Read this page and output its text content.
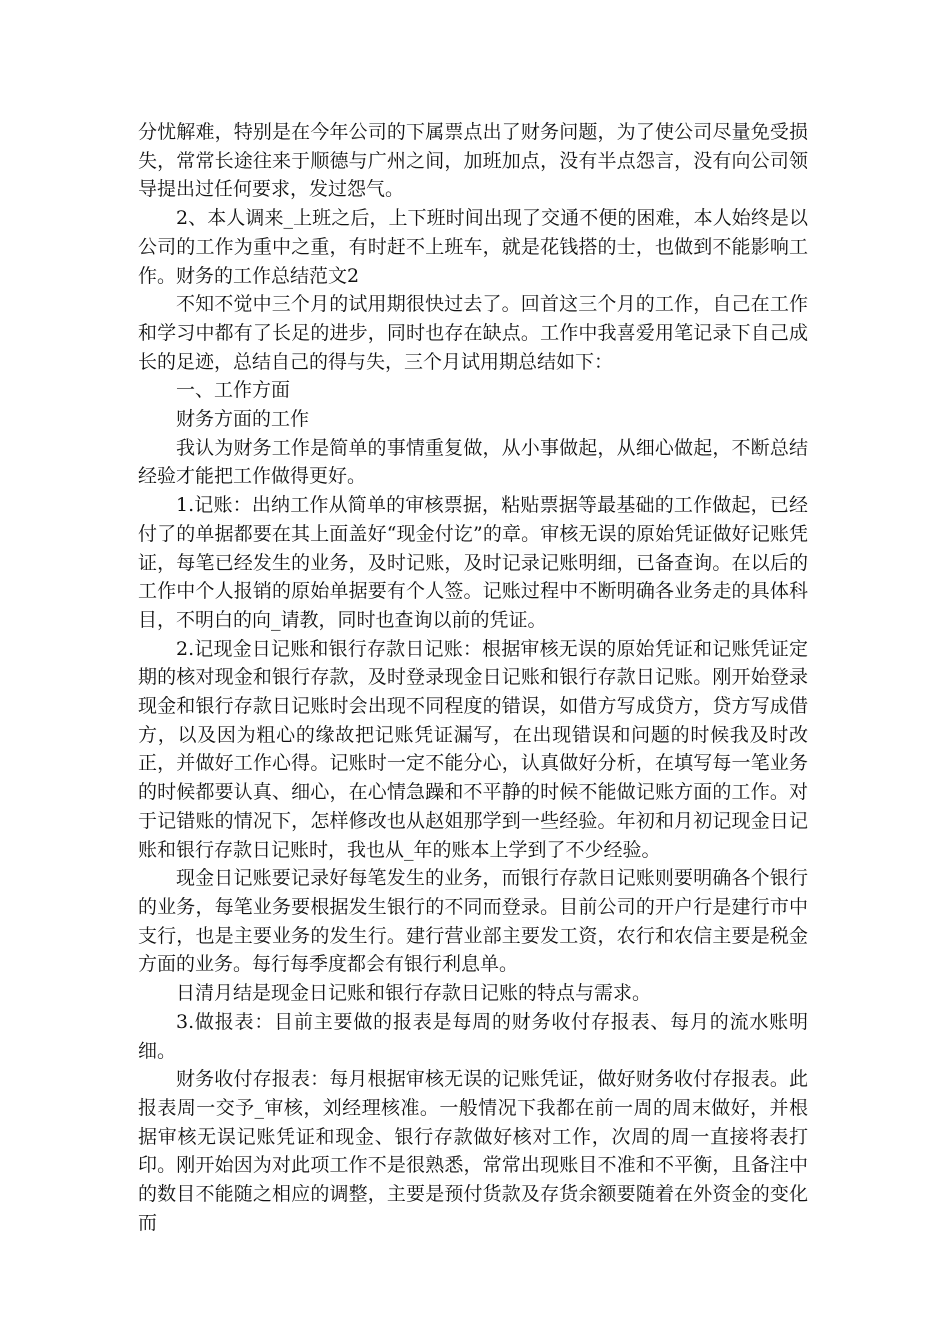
分忧解难，特别是在今年公司的下属票点出了财务问题，为了使公司尽量免受损失，常常长途往来于顺德与广州之间，加班加点，没有半点怨言，没有向公司领导提出过任何要求，发过怨气。

2、本人调来_上班之后，上下班时间出现了交通不便的困难，本人始终是以公司的工作为重中之重，有时赶不上班车，就是花钱搭的士，也做到不能影响工作。财务的工作总结范文2

不知不觉中三个月的试用期很快过去了。回首这三个月的工作，自己在工作和学习中都有了长足的进步，同时也存在缺点。工作中我喜爱用笔记录下自己成长的足迹，总结自己的得与失，三个月试用期总结如下：

一、工作方面

财务方面的工作

我认为财务工作是简单的事情重复做，从小事做起，从细心做起，不断总结经验才能把工作做得更好。

1.记账：出纳工作从简单的审核票据，粘贴票据等最基础的工作做起，已经付了的单据都要在其上面盖好“现金付讫”的章。审核无误的原始凭证做好记账凭证，每笔已经发生的业务，及时记账，及时记录记账明细，已备查询。在以后的工作中个人报销的原始单据要有个人签。记账过程中不断明确各业务走的具体科目，不明白的向_请教，同时也查询以前的凭证。

2.记现金日记账和银行存款日记账：根据审核无误的原始凭证和记账凭证定期的核对现金和银行存款，及时登录现金日记账和银行存款日记账。刚开始登录现金和银行存款日记账时会出现不同程度的错误，如借方写成贷方，贷方写成借方，以及因为粗心的缘故把记账凭证漏写，在出现错误和问题的时候我及时改正，并做好工作心得。记账时一定不能分心，认真做好分析，在填写每一笔业务的时候都要认真、细心，在心情急躁和不平静的时候不能做记账方面的工作。对于记错账的情况下，怎样修改也从赵姐那学到一些经验。年初和月初记现金日记账和银行存款日记账时，我也从_年的账本上学到了不少经验。

现金日记账要记录好每笔发生的业务，而银行存款日记账则要明确各个银行的业务，每笔业务要根据发生银行的不同而登录。目前公司的开户行是建行市中支行，也是主要业务的发生行。建行营业部主要发工资，农行和农信主要是税金方面的业务。每行每季度都会有银行利息单。

日清月结是现金日记账和银行存款日记账的特点与需求。

3.做报表：目前主要做的报表是每周的财务收付存报表、每月的流水账明细。

财务收付存报表：每月根据审核无误的记账凭证，做好财务收付存报表。此报表周一交予_审核，刘经理核准。一般情况下我都在前一周的周末做好，并根据审核无误记账凭证和现金、银行存款做好核对工作，次周的周一直接将表打印。刚开始因为对此项工作不是很熟悉，常常出现账目不准和不平衡，且备注中的数目不能随之相应的调整，主要是预付货款及存货余额要随着在外资金的变化而
